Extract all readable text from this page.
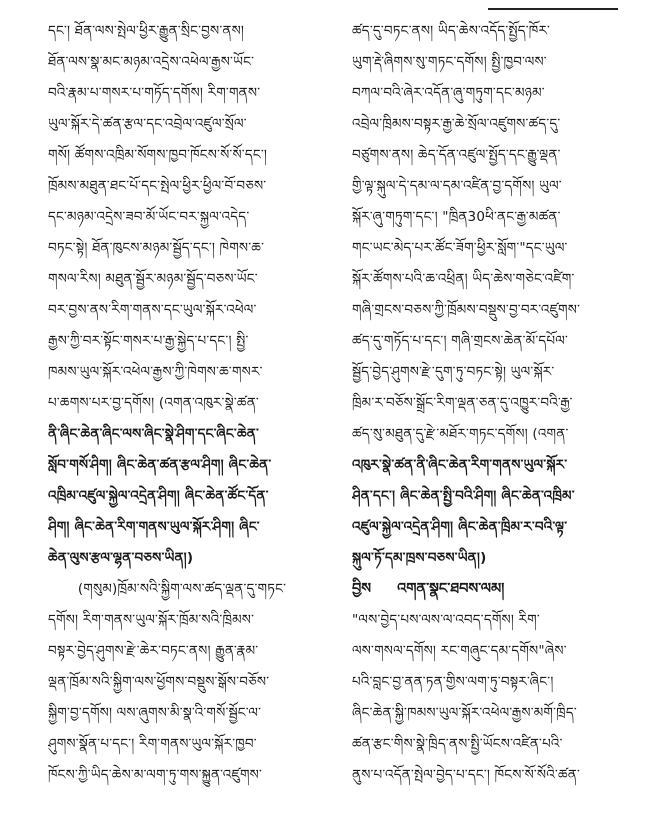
དང་། ཐོན་ལས་སྤེལ་ཕྱིར་རྒྱུན་སྲིང་བྱས་ནས།
ཐོན་ལས་སྣ་མང་མཉམ་འདྲེས་འཕེལ་རྒྱས་ཡོང་
བའི་རྣམ་པ་གསར་པ་གཏོད་དགོས། རིག་གནས་
ཡུལ་སྐོར་དེ་ཚན་རྩལ་དང་འབྲེལ་འཛུལ་སྲོལ་
གསོ། ཚོགས་འཁྲིམ་སོགས་ཁྱབ་ཁོངས་སོ་སོ་དང་།
ཁྲོམས་མཐུན་ཐང་པོ་དང་སྤེལ་ཕྱིར་ཕྱིལ་བོ་བཅས་
དང་མཉམ་འདྲེས་ཟབ་མོ་ཡོང་བར་སྐྱལ་འདེད་
བཏང་སྟེ། ཐོན་ཁུངས་མཉམ་སྦྱོད་དང་། ཁེགས་ཆ་
གསལ་རིས། མཐུན་སྦྱོར་མཉམ་སྦྱོད་བཅས་ཡོང་
བར་བྱས་ནས་རིག་གནས་དང་ཡུལ་སྐོར་འཕེལ་
རྒྱས་ཀྱི་བར་སྟོང་གསར་པ་རྒྱ་སྐྱེད་པ་དང་། སྤྱི་
ཁམས་ཡུལ་སྐོར་འཕེལ་རྒྱས་ཀྱི་ཁེགས་ཆ་གསར་
པ་ཆགས་པར་བྱ་དགོས། (འགན་འཁུར་སྣེ་ཚན་
ནི་ཞིང་ཆེན་ཞིང་ལས་ཞིང་སྣེ་ཤིག་དང་ཞིང་ཆེན་
སློབ་གསོ་ཤིག། ཞིང་ཆེན་ཚན་རྩལ་ཤིག། ཞིང་ཆེན་
འཁྲིམ་འཛུལ་སྐྱེལ་འདྲེན་ཤིག། ཞིང་ཆེན་ཚོང་དོན་
ཤིག། ཞིང་ཆེན་རིག་གནས་ཡུལ་སྐོར་ཤིག། ཞིང་
ཆེན་ལུས་རྩལ་ལྷན་བཅས་ཡིན།)
(གསུམ)ཁྲོམ་སའི་སྐྱིག་ལས་ཚད་ལྡན་དུ་གཏང་
དགོས། རིག་གནས་ཡུལ་སྐོར་ཁྲོམ་སའི་ཁྲིམས་
བསྟར་བྱེད་ཤུགས་རྫེ་ཆེར་བཏང་ནས། རྒྱུན་རྣམ་
ལྡན་ཁྲོམ་སའི་སྐྱིག་ལས་ཕྱོགས་བསྡུས་སྒོས་བཅོས་
སྐྱིག་བྱ་དགོས། ལས་ཞུགས་མི་སྣ་འི་གསོ་སྦྱོང་ལ་
ཤུགས་སྣོན་པ་དང་། རིག་གནས་ཡུལ་སྐོར་ཁྱབ་
ཁོངས་ཀྱི་ཡིད་ཆེས་མ་ལག་ཏུ་གས་སྐྱུན་འཛུགས་
ཚད་དུ་བཏང་ནས། ཡིད་ཆེས་འདོད་སྤྱོད་ཁོར་
ཡུག་རྡེ་ཞིགས་སུ་གཏང་དགོས། སྤྱི་ཁྱབ་ལས་
བཀལ་བའི་ཞེར་འདོན་ཞུ་གཏུག་དང་མཉམ་
འབྲེལ་ཁྲིམས་བསྟར་རྒྱ་ཆེ་སྲོལ་འཛུགས་ཚད་དུ་
བཙུགས་ནས། ཆེད་དོན་འཛུལ་སྤྱོད་དང་རྒྱུ་ལྡན་
གྱི་ལྟ་སྐུལ་དེ་དམ་ལ་དམ་འཛིན་བྱ་དགོས། ཡུལ་
སྐོར་ཞུ་གཏུག་དང་། "ཁྲིན30ཕི་ནང་རྒྱ་མཚན་
གང་ཡང་མེད་པར་ཚོང་ཟོག་ཕྱིར་སློག་"དང་ཡུལ་
སྐོར་ཚོགས་པའི་ཆ་འཕྲིན། ཡིད་ཆེས་གཅེང་འཛིག་
གཞི་གྲངས་བཅས་ཀྱི་ཁྲོམས་བསྡུས་བྱ་བར་འཛུགས་
ཚད་དུ་གཏོད་པ་དང་། གཞི་གྲངས་ཆེན་མོ་དཔོལ་
སྦྱོད་བྱེད་ཤུགས་རྫེ་དུག་ཏུ་བཏང་སྟེ། ཡུལ་སྐོར་
ཁྲིམ་ར་བཅོས་སྒྲོང་རིག་ལྡན་ཅན་དུ་འཁྱུར་བའི་རྒྱ་
ཚད་སུ་མཐུན་དུ་རྫེ་མཐོར་གཏང་དགོས། (འགན་
འཁུར་སྣེ་ཚན་ནི་ཞིང་ཆེན་རིག་གནས་ཡུལ་སྐོར་
ཤིན་དང་། ཞིང་ཆེན་སྤྱི་བའི་ཤིག། ཞིང་ཆེན་འཁྲིམ་
འཛུལ་སྐྱེལ་འདྲེན་ཤིག། ཞིང་ཆེན་ཁྲིམ་ར་བའི་ལྟ་
སྐུལ་ཏོ་དམ་ཁྲས་བཅས་ཡིན།)
བྱིས འགན་སྣང་ཐབས་ལམ།
"ལས་བྱེད་པས་ལས་ལ་འབད་དགོས། རིག་
ལས་གསལ་དགོས། རང་གཞུང་དམ་དགོས"ཞེས་
པའི་བླང་བྱ་ནན་ཏན་གྱིས་ལག་ཏུ་བསྟར་ཞིང་།
ཞིང་ཆེན་སྐྱི་ཁམས་ཡུལ་སྐོར་འཕེལ་རྒྱས་མགོ་ཁྲིད་
ཚན་རྩང་གིས་སྣེ་ཁྲིད་ནས་སྤྱི་ཡོངས་འཛིན་པའི་
ནུས་པ་འདོན་སྤེལ་བྱེད་པ་དང་། ཁོངས་སོ་སོའི་ཚན་
